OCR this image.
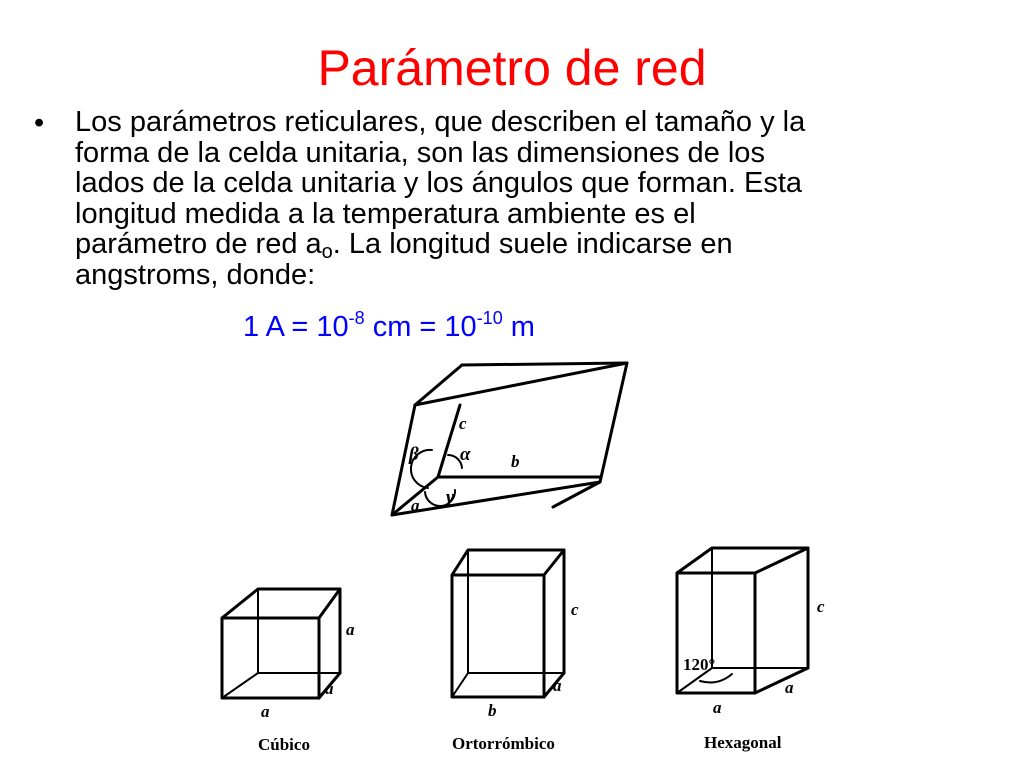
Parámetro de red
• Los parámetros reticulares, que describen el tamaño y la
forma de la celda unitaria, son las dimensiones de los
lados de la celda unitaria y los ángulos que forman. Esta
longitud medida a la temperatura ambiente es el
parámetro de red $a_o$. La longitud suele indicarse en
angstroms, donde:
1 $A = 10^{-8}$ cm = $10^{-10}$ m
c
b
a
α
β
γ
a
a
a
c
a
b
c
a
a
120°
Cúbico	Ortorrómbico	Hexagonal
